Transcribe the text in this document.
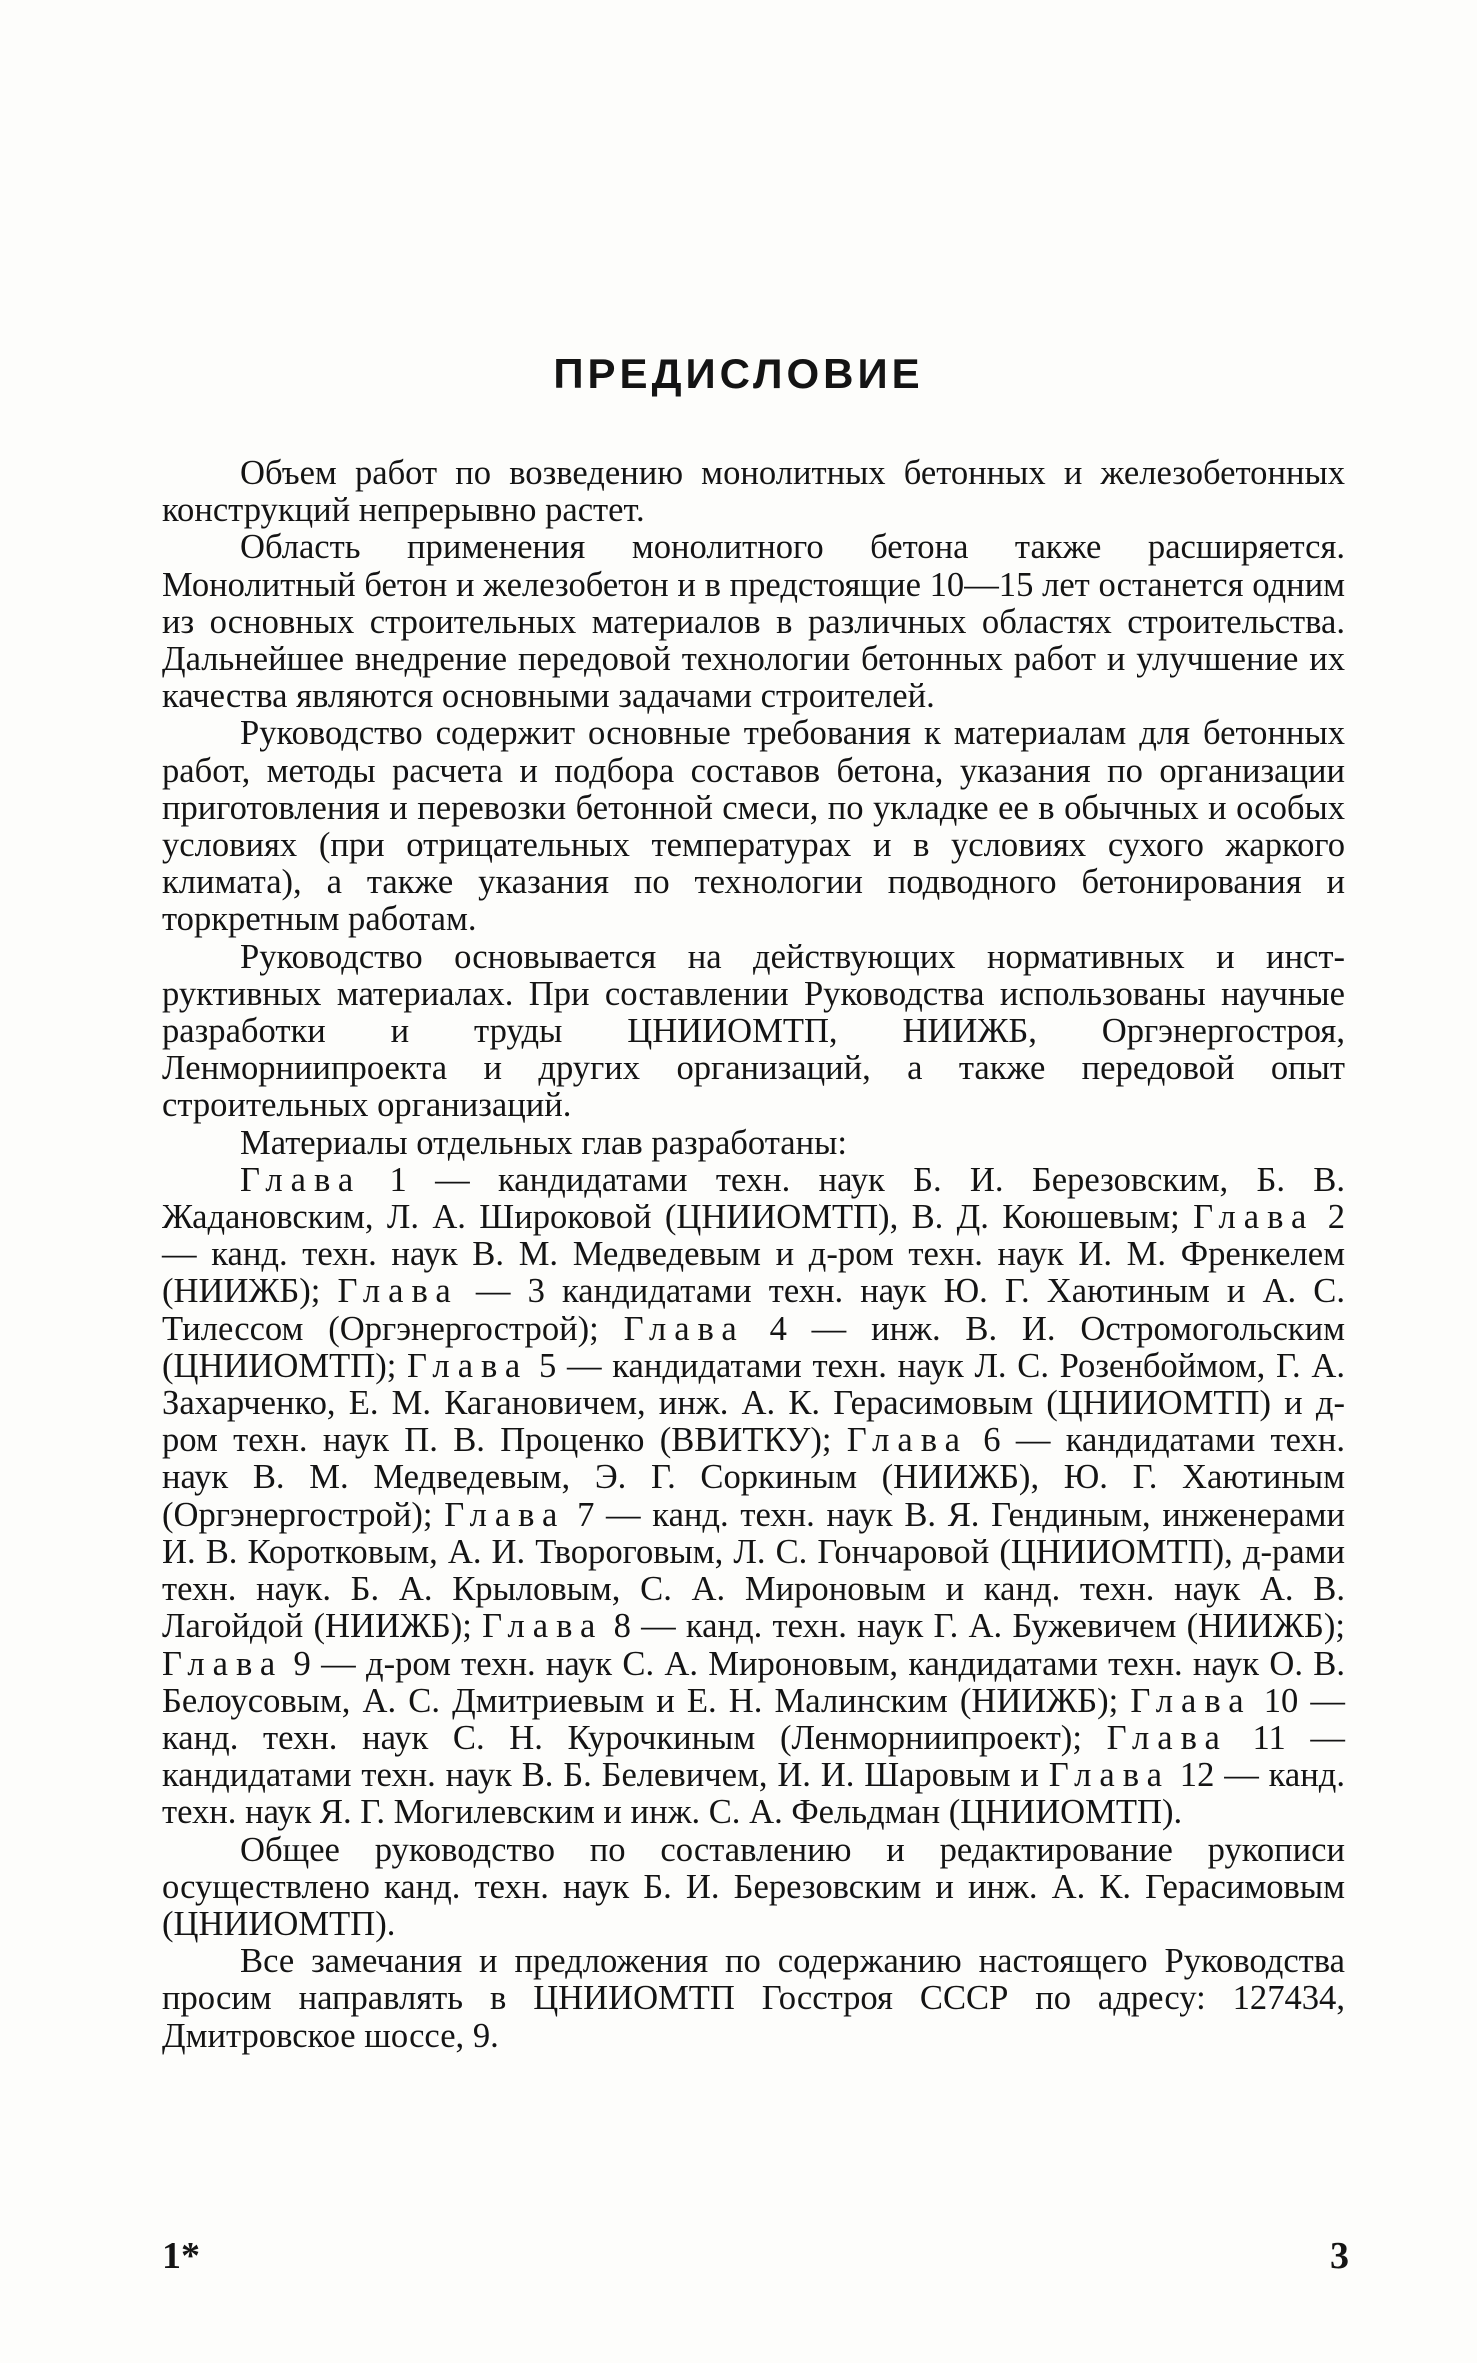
ПРЕДИСЛОВИЕ

Объем работ по возведению монолитных бетонных и железобетонных конструкций непрерывно растет.

Область применения монолитного бетона также расширяется. Монолитный бетон и железобетон и в предстоящие 10—15 лет останется одним из основных строительных материалов в различных областях строительства. Дальнейшее внедрение передовой технологии бетонных работ и улучшение их качества являются основными задачами строителей.

Руководство содержит основные требования к материалам для бетонных работ, методы расчета и подбора составов бетона, указания по организации приготовления и перевозки бетонной смеси, по укладке ее в обычных и особых условиях (при отрицательных температурах и в условиях сухого жаркого климата), а также указания по технологии подводного бетонирования и торкретным работам.

Руководство основывается на действующих нормативных и инструктивных материалах. При составлении Руководства использованы научные разработки и труды ЦНИИОМТП, НИИЖБ, Оргэнергостроя, Ленморниипроекта и других организаций, а также передовой опыт строительных организаций.

Материалы отдельных глав разработаны:

Глава 1 — кандидатами техн. наук Б. И. Березовским, Б. В. Жадановским, Л. А. Широковой (ЦНИИОМТП), В. Д. Коюшевым; Глава 2 — канд. техн. наук В. М. Медведевым и д-ром техн. наук И. М. Френкелем (НИИЖБ); Глава — 3 кандидатами техн. наук Ю. Г. Хаютиным и А. С. Тилессом (Оргэнергострой); Глава 4 — инж. В. И. Остромогольским (ЦНИИОМТП); Глава 5 — кандидатами техн. наук Л. С. Розенбоймом, Г. А. Захарченко, Е. М. Кагановичем, инж. А. К. Герасимовым (ЦНИИОМТП) и д-ром техн. наук П. В. Проценко (ВВИТКУ); Глава 6 — кандидатами техн. наук В. М. Медведевым, Э. Г. Соркиным (НИИЖБ), Ю. Г. Хаютиным (Оргэнергострой); Глава 7 — канд. техн. наук В. Я. Гендиным, инженерами И. В. Коротковым, А. И. Твороговым, Л. С. Гончаровой (ЦНИИОМТП), д-рами техн. наук. Б. А. Крыловым, С. А. Мироновым и канд. техн. наук А. В. Лагойдой (НИИЖБ); Глава 8 — канд. техн. наук Г. А. Бужевичем (НИИЖБ); Глава 9 — д-ром техн. наук С. А. Мироновым, кандидатами техн. наук О. В. Белоусовым, А. С. Дмитриевым и Е. Н. Малинским (НИИЖБ); Глава 10 — канд. техн. наук С. Н. Курочкиным (Ленморниипроект); Глава 11 — кандидатами техн. наук В. Б. Белевичем, И. И. Шаровым и Глава 12 — канд. техн. наук Я. Г. Могилевским и инж. С. А. Фельдман (ЦНИИОМТП).

Общее руководство по составлению и редактирование рукописи осуществлено канд. техн. наук Б. И. Березовским и инж. А. К. Герасимовым (ЦНИИОМТП).

Все замечания и предложения по содержанию настоящего Руководства просим направлять в ЦНИИОМТП Госстроя СССР по адресу: 127434, Дмитровское шоссе, 9.

1*	3
